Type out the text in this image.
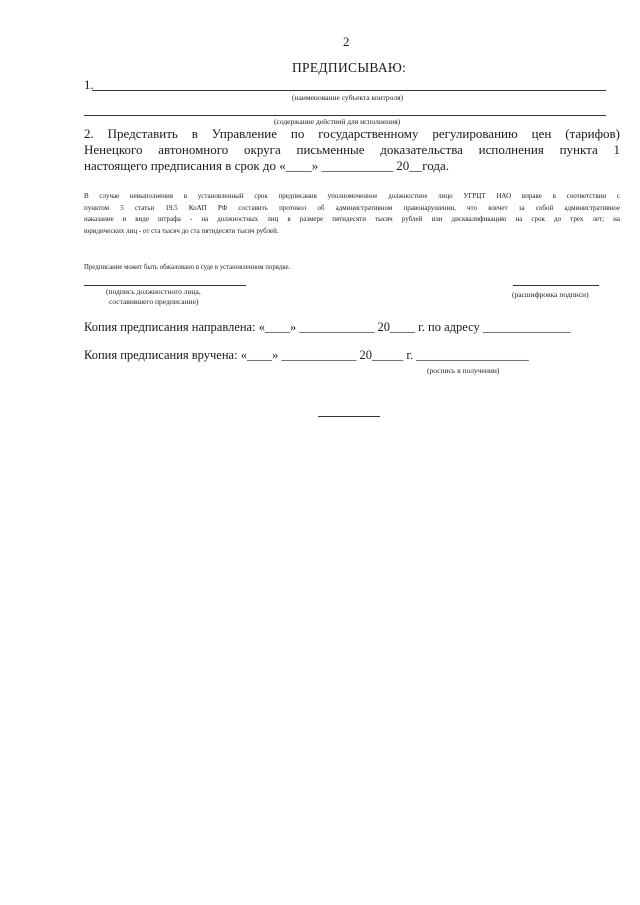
2
ПРЕДПИСЫВАЮ:
1.
(наименование субъекта контроля)
(содержание действий для исполнения)
2. Представить в Управление по государственному регулированию цен (тарифов)
Ненецкого автономного округа письменные доказательства исполнения пункта 1
настоящего предписания в срок до «____» ___________ 20__года.
В случае невыполнения в установленный срок предписания уполномоченное должностное лицо УГРЦТ НАО вправе в соответствии с
пунктом 5 статьи 19.5 КоАП РФ составить протокол об административном правонарушении, что влечет за собой административное
наказание в виде штрафа - на должностных лиц в размере пятидесяти тысяч рублей или дисквалификацию на срок до трех лет; на
юридических лиц - от ста тысяч до ста пятидесяти тысяч рублей.
Предписание может быть обжаловано в суде в установленном порядке.
(подпись должностного лица,
составившего предписание)
(расшифровка подписи)
Копия предписания направлена: «____» ____________ 20____ г. по адресу ______________
Копия предписания вручена: «____» ____________ 20_____ г. __________________
(роспись в получении)
